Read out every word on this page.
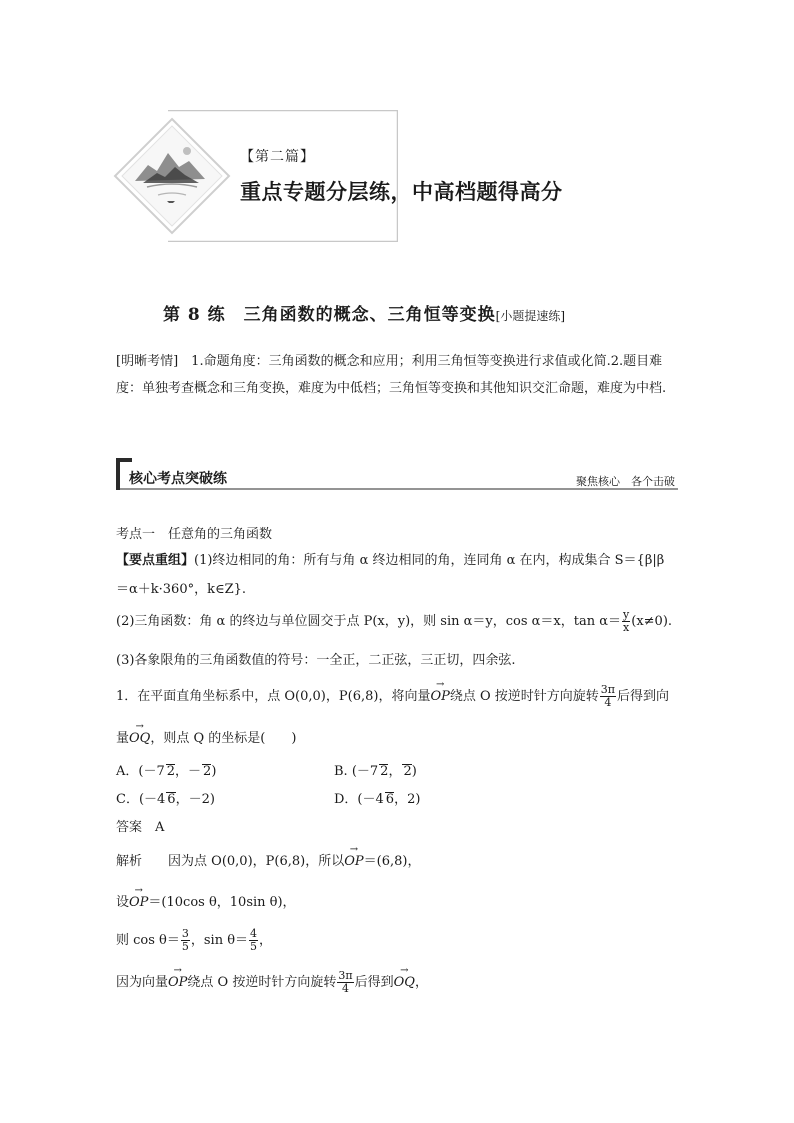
【第二篇】
重点专题分层练，中高档题得高分
第 8 练　三角函数的概念、三角恒等变换[小题提速练]
[明晰考情]　 1.命题角度：三角函数的概念和应用；利用三角恒等变换进行求值或化简.2.题目难度：单独考查概念和三角变换，难度为中低档；三角恒等变换和其他知识交汇命题，难度为中档.
核心考点突破练	聚焦核心　各个击破
考点一　任意角的三角函数
【要点重组】(1)终边相同的角：所有与角 α 终边相同的角，连同角 α 在内，构成集合 S＝{β|β
＝α＋k·360°，k∈Z}.
(2)三角函数：角 α 的终边与单位圆交于点 P(x，y)，则 sin α＝y，cos α＝x，$\tan \alpha= \frac{y}{x} (x\ne 0)$.
(3)各象限角的三角函数值的符号：一全正，二正弦，三正切，四余弦.
1．在平面直角坐标系中，点 O(0,0)，P(6,8)，将向量→ OP绕点 O 按逆时针方向旋转 $\frac{3\pi}{4}$ 后得到向
量→ OQ，则点 Q 的坐标是(　　)
A．(－7 2，－ 2)	B. (－7 2， 2)
C．(－4 6，－2)	D．(－4 6，2)
答案　 A
解析　　 因为点 O(0,0)，P(6,8)，所以→ OP＝(6,8)，
设→ OP＝(10cos θ，10sin θ)，
则 $\cos \theta= \frac{3}{5}$ ，$\sin \theta= \frac{4}{5}$ ，
因为向量→ OP绕点 O 按逆时针方向旋转 $\frac{3\pi}{4}$ 后得到→ OQ，
